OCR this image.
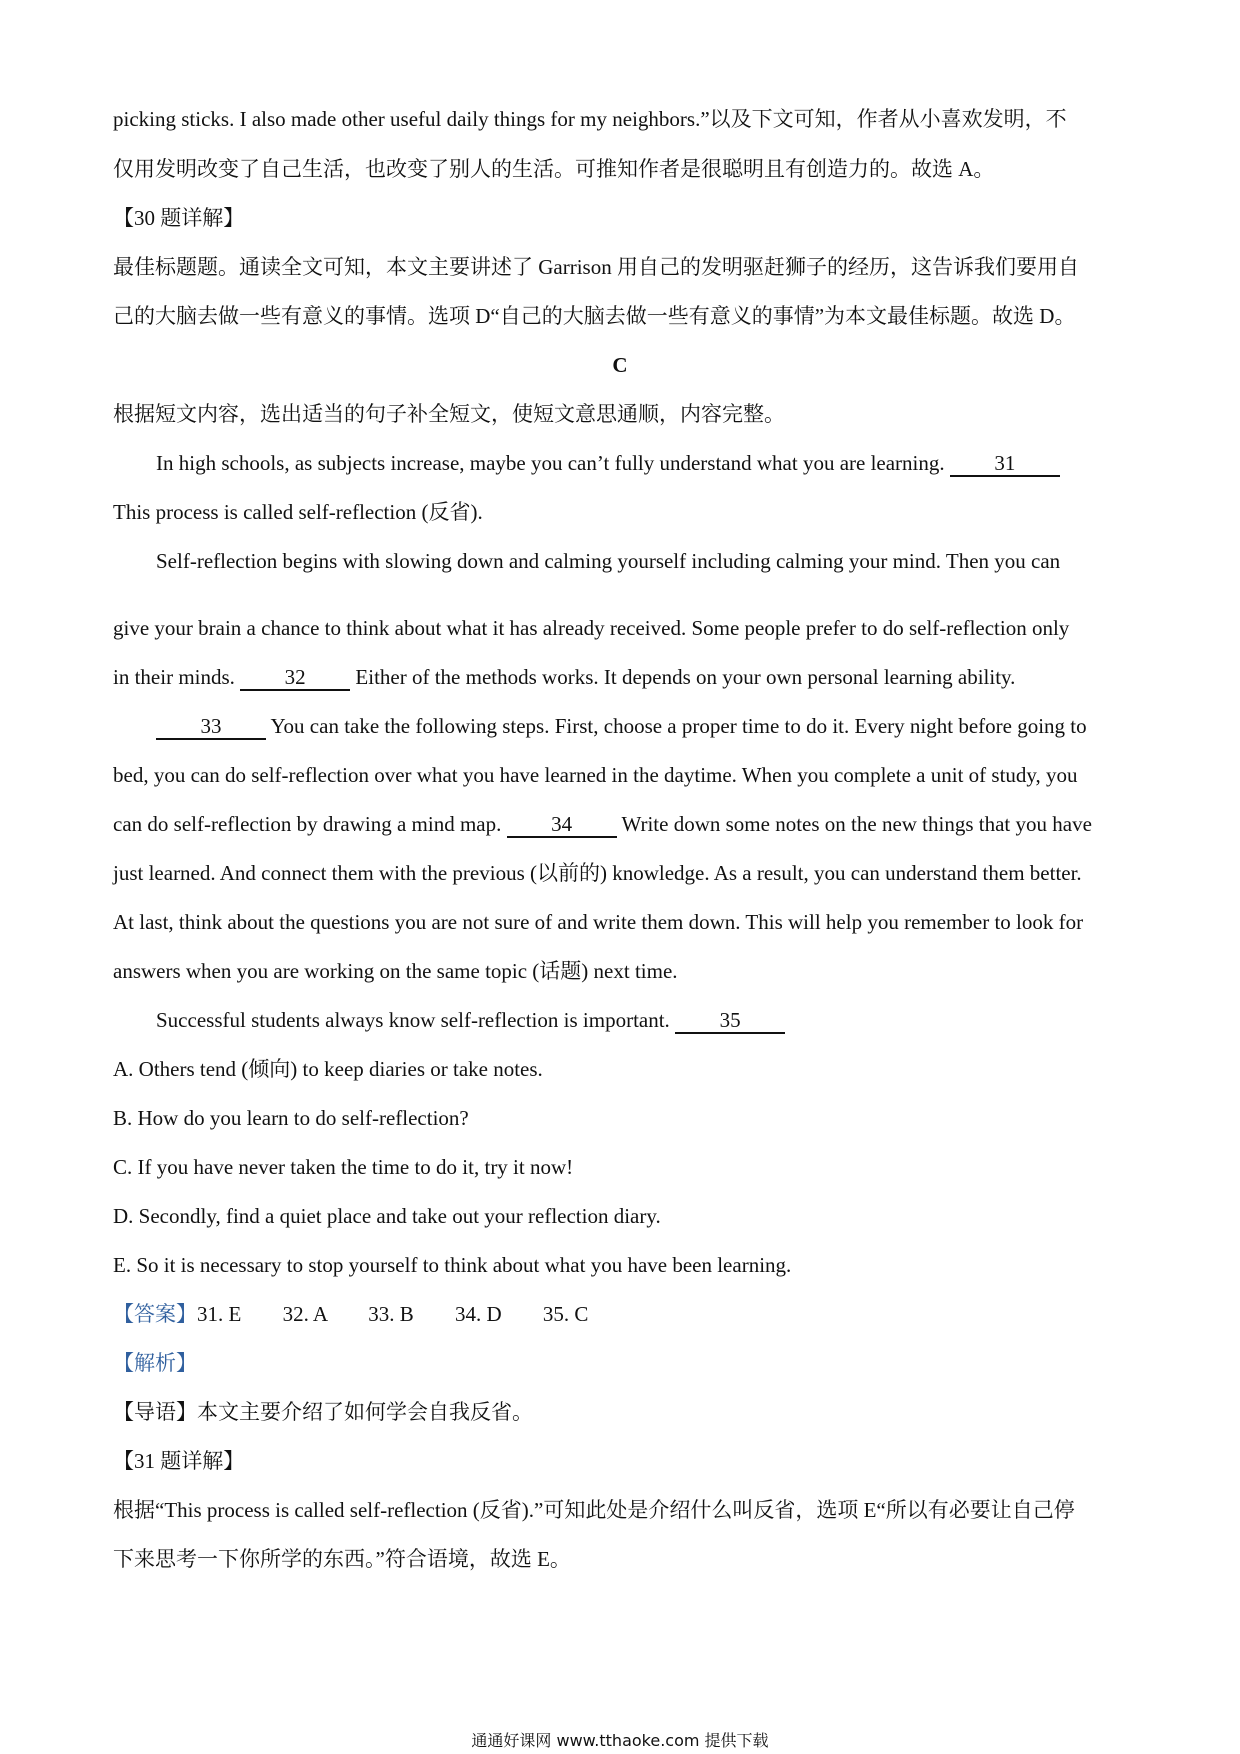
picking sticks. I also made other useful daily things for my neighbors.”以及下文可知，作者从小喜欢发明，不
仅用发明改变了自己生活，也改变了别人的生活。可推知作者是很聪明且有创造力的。故选 A。
【30 题详解】
最佳标题题。通读全文可知，本文主要讲述了 Garrison 用自己的发明驱赶狮子的经历，这告诉我们要用自
己的大脑去做一些有意义的事情。选项 D“自己的大脑去做一些有意义的事情”为本文最佳标题。故选 D。
C
根据短文内容，选出适当的句子补全短文，使短文意思通顺，内容完整。
In high schools, as subjects increase, maybe you can’t fully understand what you are learning. 31
This process is called self-reflection (反省).
Self-reflection begins with slowing down and calming yourself including calming your mind. Then you can
give your brain a chance to think about what it has already received. Some people prefer to do self-reflection only
in their minds. 32 Either of the methods works. It depends on your own personal learning ability.
33 You can take the following steps. First, choose a proper time to do it. Every night before going to
bed, you can do self-reflection over what you have learned in the daytime. When you complete a unit of study, you
can do self-reflection by drawing a mind map. 34 Write down some notes on the new things that you have
just learned. And connect them with the previous (以前的) knowledge. As a result, you can understand them better.
At last, think about the questions you are not sure of and write them down. This will help you remember to look for
answers when you are working on the same topic (话题) next time.
Successful students always know self-reflection is important. 35
A. Others tend (倾向) to keep diaries or take notes.
B. How do you learn to do self-reflection?
C. If you have never taken the time to do it, try it now!
D. Secondly, find a quiet place and take out your reflection diary.
E. So it is necessary to stop yourself to think about what you have been learning.
【答案】31. E 32. A 33. B 34. D 35. C
【解析】
【导语】本文主要介绍了如何学会自我反省。
【31 题详解】
根据“This process is called self-reflection (反省).”可知此处是介绍什么叫反省，选项 E“所以有必要让自己停
下来思考一下你所学的东西。”符合语境，故选 E。
通通好课网 www.tthaoke.com 提供下载
